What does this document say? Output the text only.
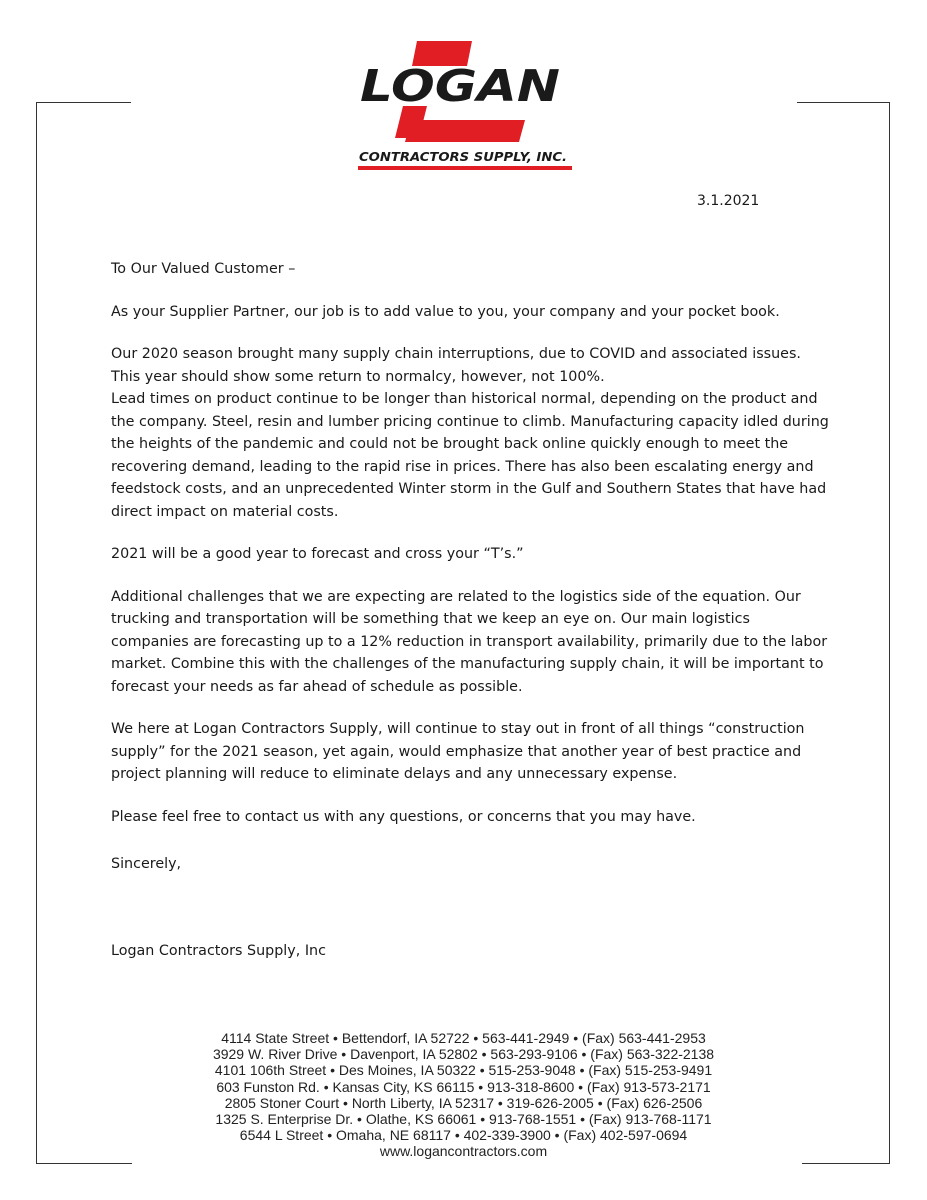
LOGAN
CONTRACTORS SUPPLY, INC.
3.1.2021

To Our Valued Customer –

As your Supplier Partner, our job is to add value to you, your company and your pocket book.

Our 2020 season brought many supply chain interruptions, due to COVID and associated issues. This year should show some return to normalcy, however, not 100%.

Lead times on product continue to be longer than historical normal, depending on the product and the company. Steel, resin and lumber pricing continue to climb. Manufacturing capacity idled during the heights of the pandemic and could not be brought back online quickly enough to meet the recovering demand, leading to the rapid rise in prices. There has also been escalating energy and feedstock costs, and an unprecedented Winter storm in the Gulf and Southern States that have had direct impact on material costs.

2021 will be a good year to forecast and cross your “T’s.”

Additional challenges that we are expecting are related to the logistics side of the equation. Our trucking and transportation will be something that we keep an eye on. Our main logistics companies are forecasting up to a 12% reduction in transport availability, primarily due to the labor market. Combine this with the challenges of the manufacturing supply chain, it will be important to forecast your needs as far ahead of schedule as possible.

We here at Logan Contractors Supply, will continue to stay out in front of all things “construction supply” for the 2021 season, yet again, would emphasize that another year of best practice and project planning will reduce to eliminate delays and any unnecessary expense.

Please feel free to contact us with any questions, or concerns that you may have.

Sincerely,
Logan Contractors Supply, Inc
4114 State Street • Bettendorf, IA 52722 • 563-441-2949 • (Fax) 563-441-2953
3929 W. River Drive • Davenport, IA 52802 • 563-293-9106 • (Fax) 563-322-2138
4101 106th Street • Des Moines, IA 50322 • 515-253-9048 • (Fax) 515-253-9491
603 Funston Rd. • Kansas City, KS 66115 • 913-318-8600 • (Fax) 913-573-2171
2805 Stoner Court • North Liberty, IA 52317 • 319-626-2005 • (Fax) 626-2506
1325 S. Enterprise Dr. • Olathe, KS 66061 • 913-768-1551 • (Fax) 913-768-1171
6544 L Street • Omaha, NE 68117 • 402-339-3900 • (Fax) 402-597-0694
www.logancontractors.com
